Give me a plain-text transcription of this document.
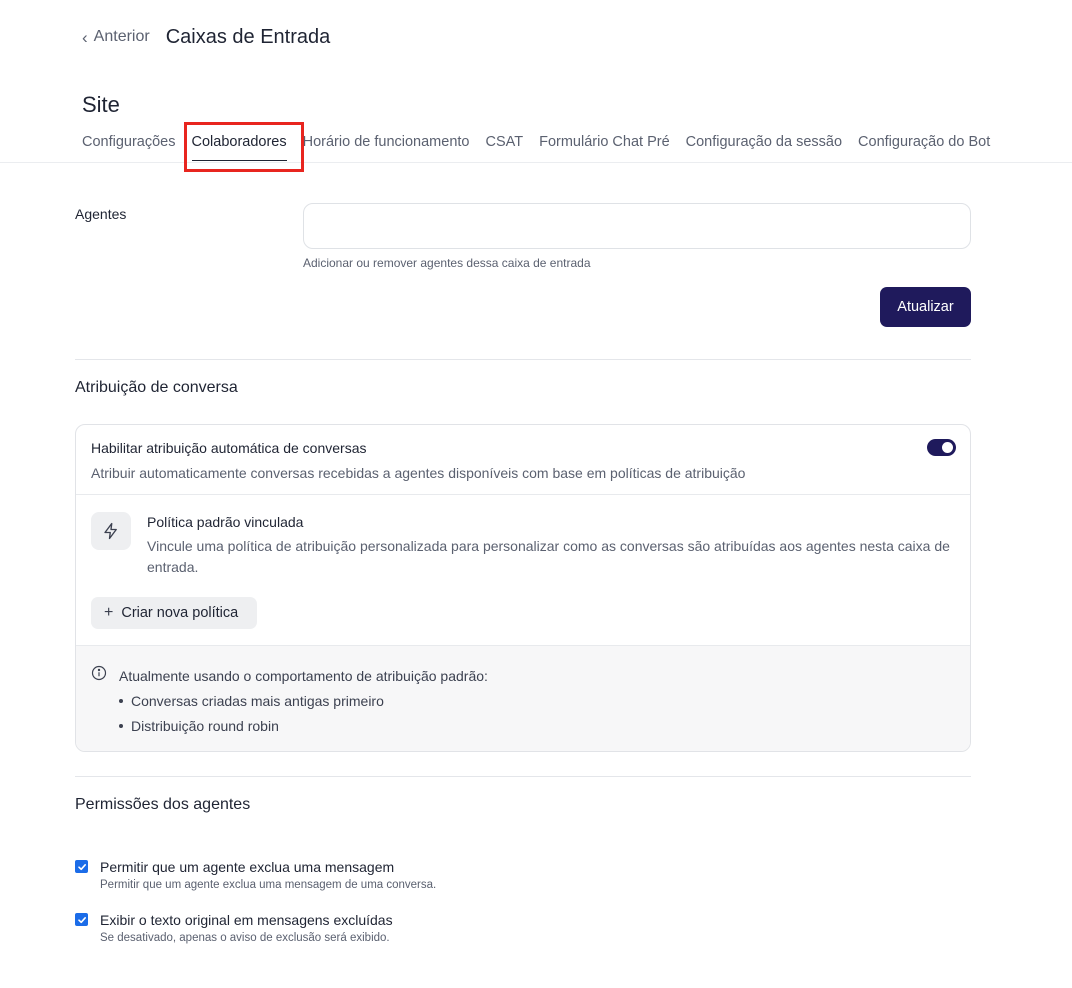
‹ Anterior Caixas de Entrada
Site
Configurações Colaboradores Horário de funcionamento CSAT Formulário Chat Pré Configuração da sessão Configuração do Bot
Agentes
Adicionar ou remover agentes dessa caixa de entrada
Atualizar
Atribuição de conversa
Habilitar atribuição automática de conversas
Atribuir automaticamente conversas recebidas a agentes disponíveis com base em políticas de atribuição
Política padrão vinculada
Vincule uma política de atribuição personalizada para personalizar como as conversas são atribuídas aos agentes nesta caixa de entrada.
+ Criar nova política
Atualmente usando o comportamento de atribuição padrão:
Conversas criadas mais antigas primeiro
Distribuição round robin
Permissões dos agentes
Permitir que um agente exclua uma mensagem
Permitir que um agente exclua uma mensagem de uma conversa.
Exibir o texto original em mensagens excluídas
Se desativado, apenas o aviso de exclusão será exibido.
